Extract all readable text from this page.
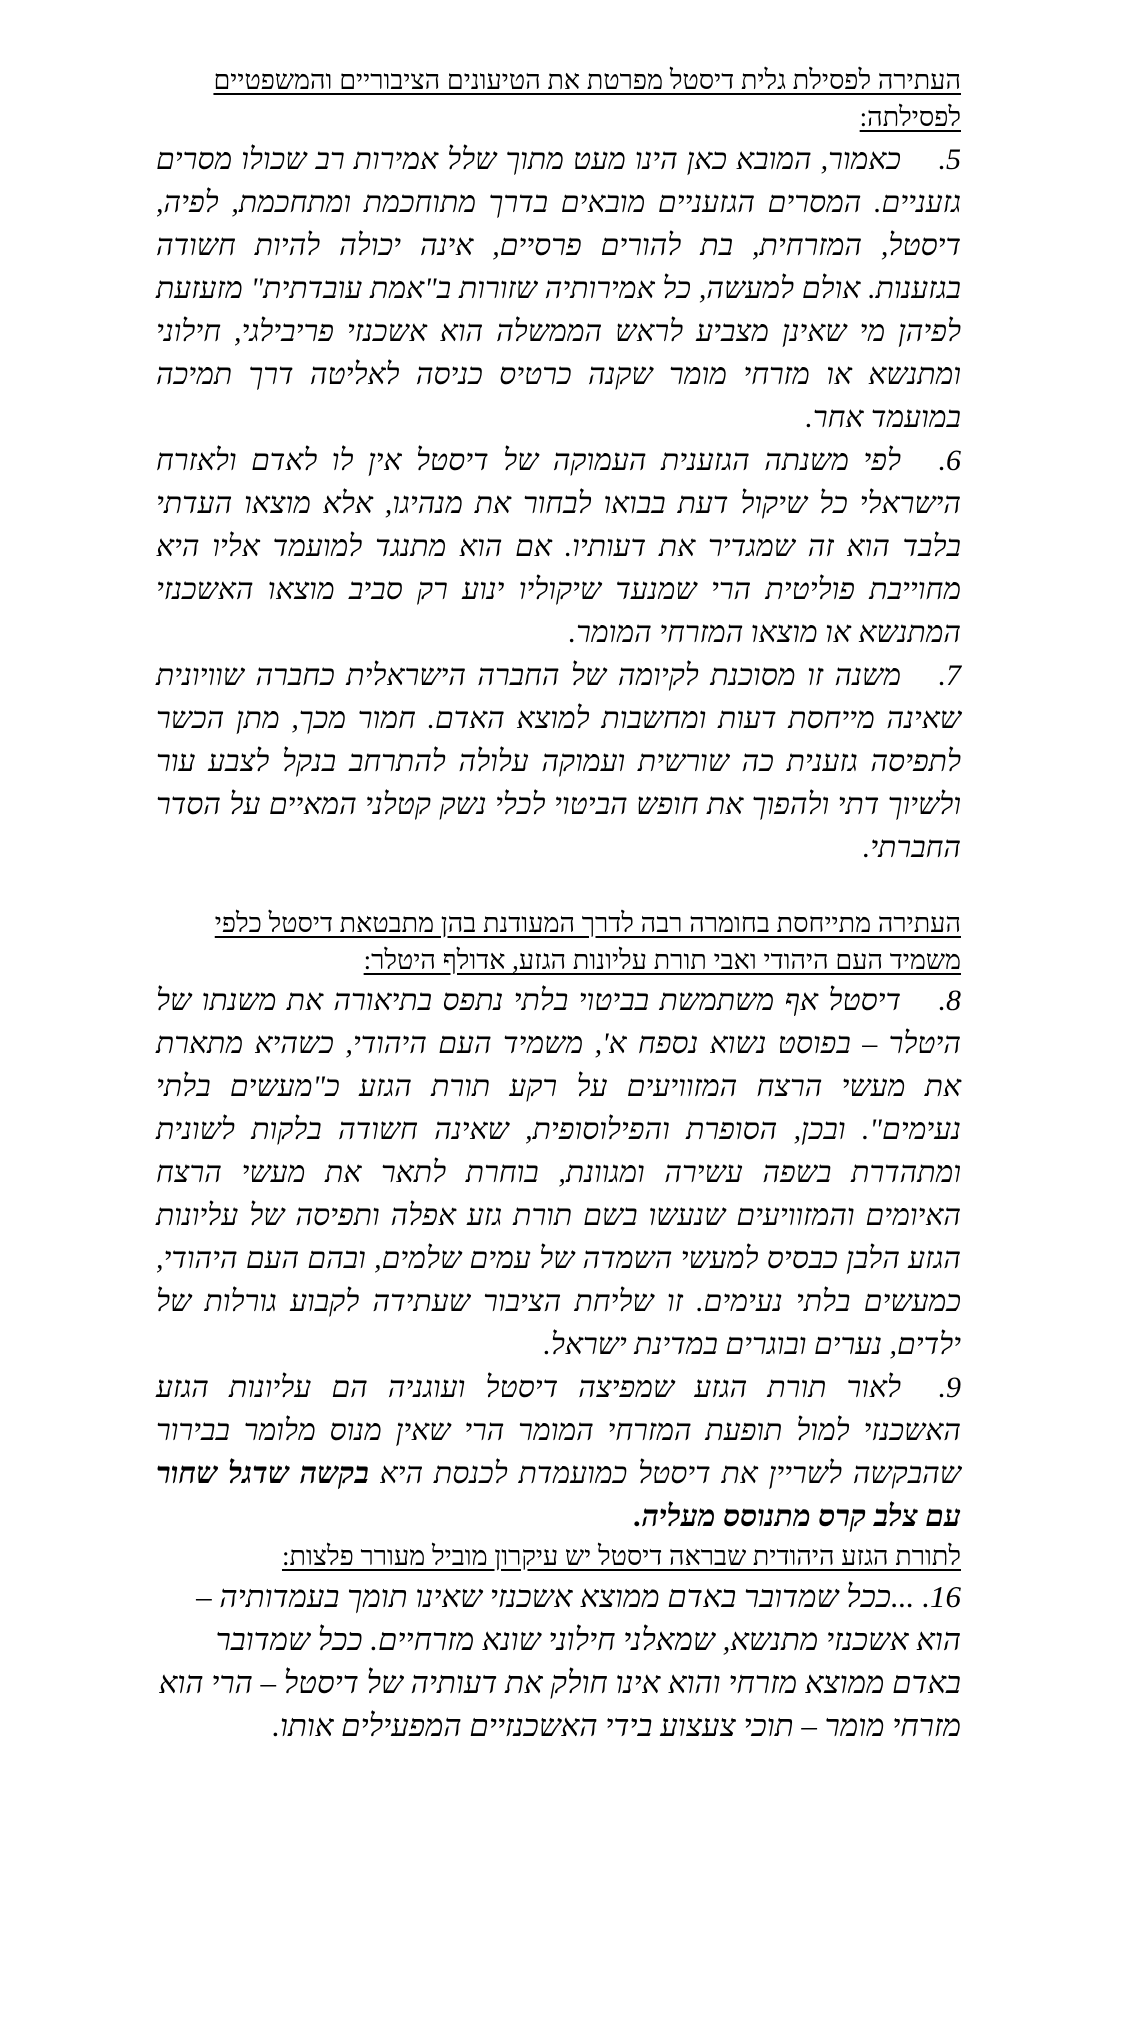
העתירה לפסילת גלית דיסטל מפרטת את הטיעונים הציבוריים והמשפטיים לפסילתה:

5.כאמור, המובא כאן הינו מעט מתוך שלל אמירות רב שכולו מסרים גזעניים. המסרים הגזעניים מובאים בדרך מתוחכמת ומתחכמת, לפיה, דיסטל, המזרחית, בת להורים פרסיים, אינה יכולה להיות חשודה בגזענות. אולם למעשה, כל אמירותיה שזורות ב"אמת עובדתית" מזעזעת לפיהן מי שאינן מצביע לראש הממשלה הוא אשכנזי פריבילגי, חילוני ומתנשא או מזרחי מומר שקנה כרטיס כניסה לאליטה דרך תמיכה במועמד אחר.

6.לפי משנתה הגזענית העמוקה של דיסטל אין לו לאדם ולאזרח הישראלי כל שיקול דעת בבואו לבחור את מנהיגו, אלא מוצאו העדתי בלבד הוא זה שמגדיר את דעותיו. אם הוא מתנגד למועמד אליו היא מחוייבת פוליטית הרי שמנעד שיקוליו ינוע רק סביב מוצאו האשכנזי המתנשא או מוצאו המזרחי המומר.

7.משנה זו מסוכנת לקיומה של החברה הישראלית כחברה שוויונית שאינה מייחסת דעות ומחשבות למוצא האדם. חמור מכך, מתן הכשר לתפיסה גזענית כה שורשית ועמוקה עלולה להתרחב בנקל לצבע עור ולשיוך דתי ולהפוך את חופש הביטוי לכלי נשק קטלני המאיים על הסדר החברתי.

העתירה מתייחסת בחומרה רבה לדרך המעודנת בהן מתבטאת דיסטל כלפי משמיד העם היהודי ואבי תורת עליונות הגזע, אדולף היטלר:

8.דיסטל אף משתמשת בביטוי בלתי נתפס בתיאורה את משנתו של היטלר – בפוסט נשוא נספח א', משמיד העם היהודי, כשהיא מתארת את מעשי הרצח המזוויעים על רקע תורת הגזע כ"מעשים בלתי נעימים". ובכן, הסופרת והפילוסופית, שאינה חשודה בלקות לשונית ומתהדרת בשפה עשירה ומגוונת, בוחרת לתאר את מעשי הרצח האיומים והמזוויעים שנעשו בשם תורת גזע אפלה ותפיסה של עליונות הגזע הלבן כבסיס למעשי השמדה של עמים שלמים, ובהם העם היהודי, כמעשים בלתי נעימים. זו שליחת הציבור שעתידה לקבוע גורלות של ילדים, נערים ובוגרים במדינת ישראל.

9.לאור תורת הגזע שמפיצה דיסטל ועוגניה הם עליונות הגזע האשכנזי למול תופעת המזרחי המומר הרי שאין מנוס מלומר בבירור שהבקשה לשריין את דיסטל כמועמדת לכנסת היא בקשה שדגל שחור עם צלב קרס מתנוסס מעליה.

לתורת הגזע היהודית שבראה דיסטל יש עיקרון מוביל מעורר פלצות:

16....ככל שמדובר באדם ממוצא אשכנזי שאינו תומך בעמדותיה – הוא אשכנזי מתנשא, שמאלני חילוני שונא מזרחיים. ככל שמדובר באדם ממוצא מזרחי והוא אינו חולק את דעותיה של דיסטל – הרי הוא מזרחי מומר – תוכי צעצוע בידי האשכנזיים המפעילים אותו.
